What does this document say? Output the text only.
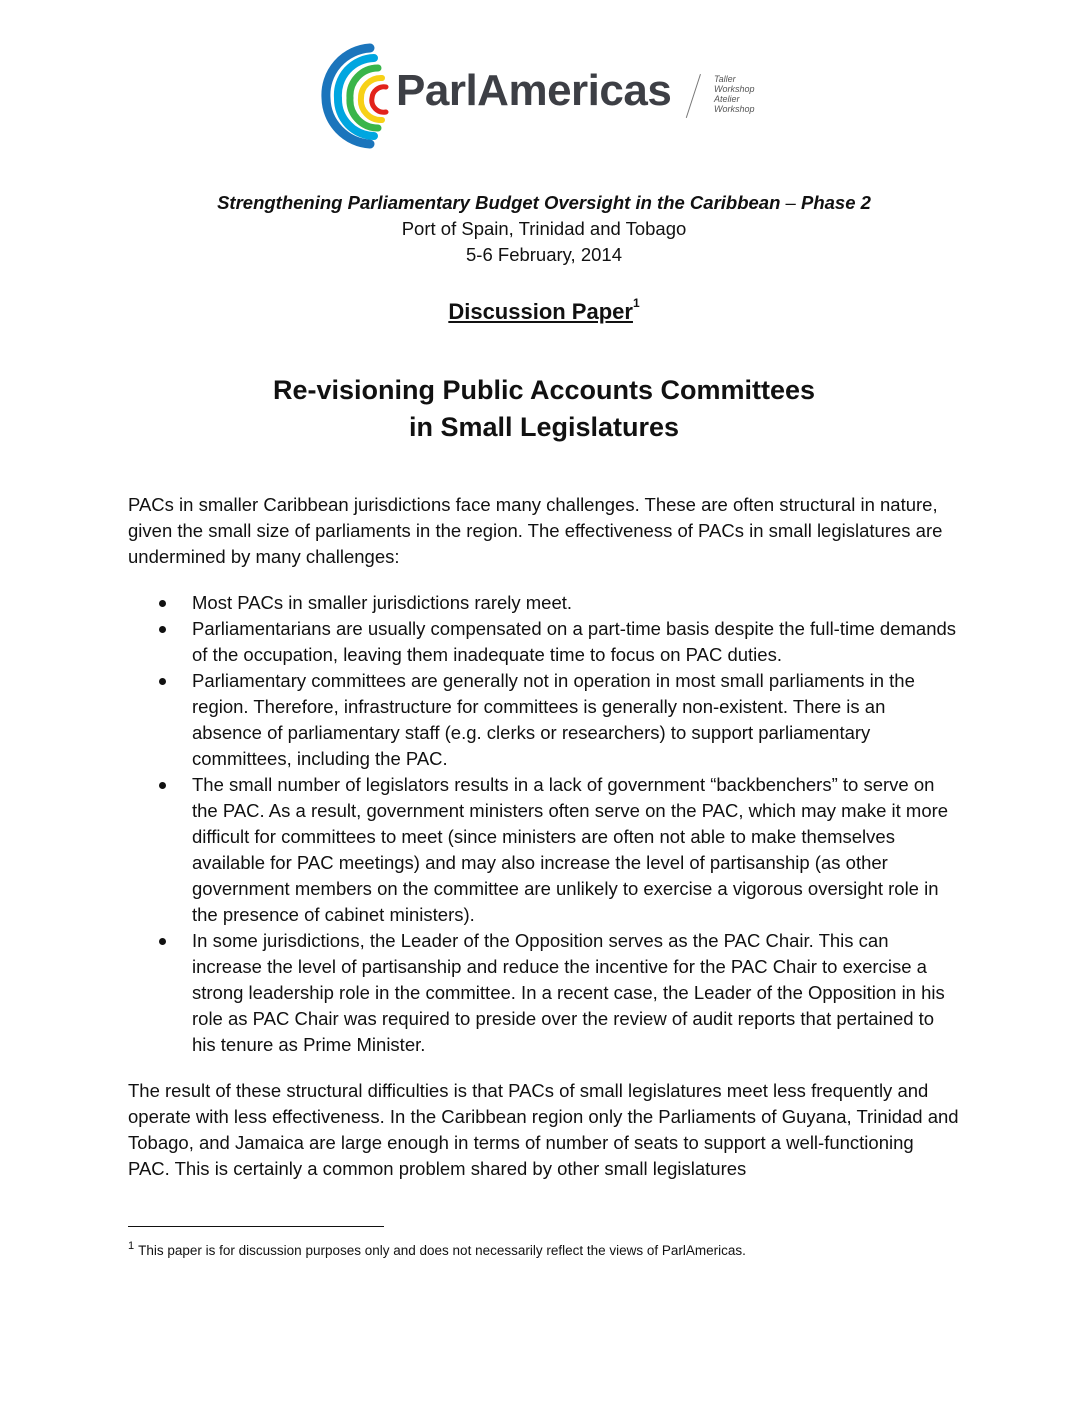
ParlAmericas	Taller
Workshop
Atelier
Workshop
Strengthening Parliamentary Budget Oversight in the Caribbean – Phase 2
Port of Spain, Trinidad and Tobago
5-6 February, 2014
Discussion Paper$^1$
Re-visioning Public Accounts Committees
in Small Legislatures
PACs in smaller Caribbean jurisdictions face many challenges. These are often structural in nature, given the small size of parliaments in the region. The effectiveness of PACs in small legislatures are undermined by many challenges:
Most PACs in smaller jurisdictions rarely meet.
Parliamentarians are usually compensated on a part-time basis despite the full-time demands of the occupation, leaving them inadequate time to focus on PAC duties.
Parliamentary committees are generally not in operation in most small parliaments in the region. Therefore, infrastructure for committees is generally non-existent. There is an absence of parliamentary staff (e.g. clerks or researchers) to support parliamentary committees, including the PAC.
The small number of legislators results in a lack of government “backbenchers” to serve on the PAC. As a result, government ministers often serve on the PAC, which may make it more difficult for committees to meet (since ministers are often not able to make themselves available for PAC meetings) and may also increase the level of partisanship (as other government members on the committee are unlikely to exercise a vigorous oversight role in the presence of cabinet ministers).
In some jurisdictions, the Leader of the Opposition serves as the PAC Chair. This can increase the level of partisanship and reduce the incentive for the PAC Chair to exercise a strong leadership role in the committee. In a recent case, the Leader of the Opposition in his role as PAC Chair was required to preside over the review of audit reports that pertained to his tenure as Prime Minister.
The result of these structural difficulties is that PACs of small legislatures meet less frequently and operate with less effectiveness. In the Caribbean region only the Parliaments of Guyana, Trinidad and Tobago, and Jamaica are large enough in terms of number of seats to support a well-functioning PAC. This is certainly a common problem shared by other small legislatures
$^1$ This paper is for discussion purposes only and does not necessarily reflect the views of ParlAmericas.
